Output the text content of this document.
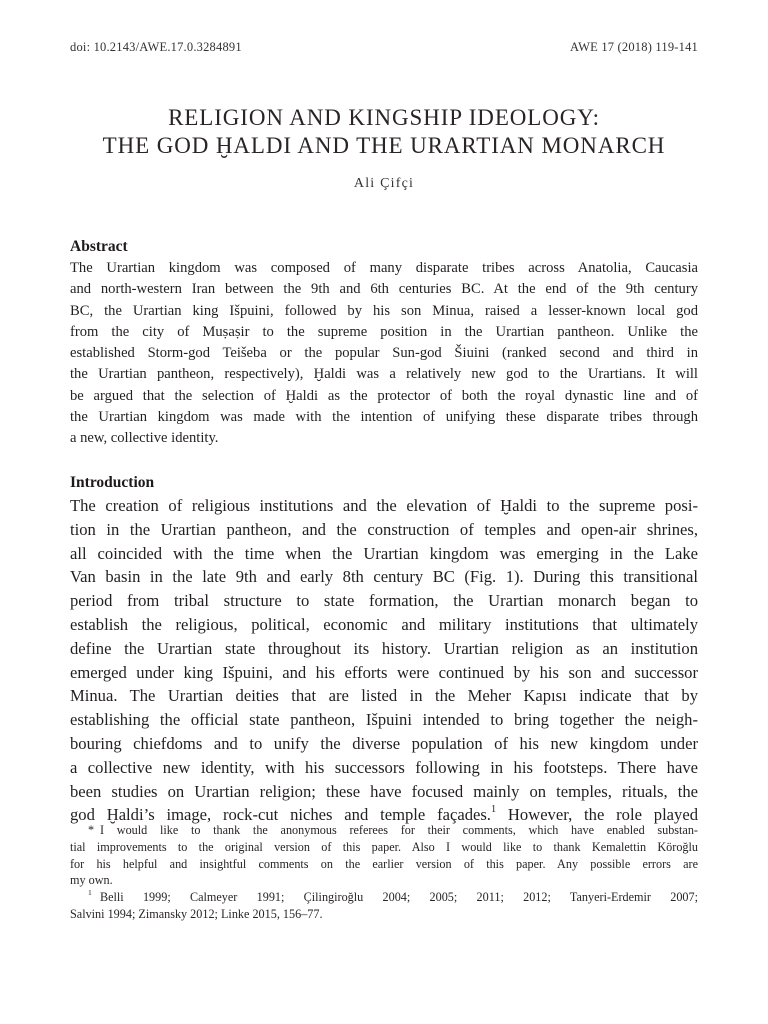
doi: 10.2143/AWE.17.0.3284891	AWE 17 (2018) 119-141
RELIGION AND KINGSHIP IDEOLOGY:
THE GOD ḪALDI AND THE URARTIAN MONARCH
Ali Çifçi
Abstract
The Urartian kingdom was composed of many disparate tribes across Anatolia, Caucasia
and north-western Iran between the 9th and 6th centuries BC. At the end of the 9th century
BC, the Urartian king Išpuini, followed by his son Minua, raised a lesser-known local god
from the city of Muṣaṣir to the supreme position in the Urartian pantheon. Unlike the
established Storm-god Teišeba or the popular Sun-god Šiuini (ranked second and third in
the Urartian pantheon, respectively), Ḫaldi was a relatively new god to the Urartians. It will
be argued that the selection of Ḫaldi as the protector of both the royal dynastic line and of
the Urartian kingdom was made with the intention of unifying these disparate tribes through
a new, collective identity.
Introduction
The creation of religious institutions and the elevation of Ḫaldi to the supreme posi-
tion in the Urartian pantheon, and the construction of temples and open-air shrines,
all coincided with the time when the Urartian kingdom was emerging in the Lake
Van basin in the late 9th and early 8th century BC (Fig. 1). During this transitional
period from tribal structure to state formation, the Urartian monarch began to
establish the religious, political, economic and military institutions that ultimately
define the Urartian state throughout its history. Urartian religion as an institution
emerged under king Išpuini, and his efforts were continued by his son and successor
Minua. The Urartian deities that are listed in the Meher Kapısı indicate that by
establishing the official state pantheon, Išpuini intended to bring together the neigh-
bouring chiefdoms and to unify the diverse population of his new kingdom under
a collective new identity, with his successors following in his footsteps. There have
been studies on Urartian religion; these have focused mainly on temples, rituals, the
god Ḫaldi’s image, rock-cut niches and temple façades.$^1$ However, the role played
* I would like to thank the anonymous referees for their comments, which have enabled substan-
tial improvements to the original version of this paper. Also I would like to thank Kemalettin Köroğlu
for his helpful and insightful comments on the earlier version of this paper. Any possible errors are
my own.
$^1$ Belli 1999; Calmeyer 1991; Çilingiroğlu 2004; 2005; 2011; 2012; Tanyeri-Erdemir 2007;
Salvini 1994; Zimansky 2012; Linke 2015, 156–77.
